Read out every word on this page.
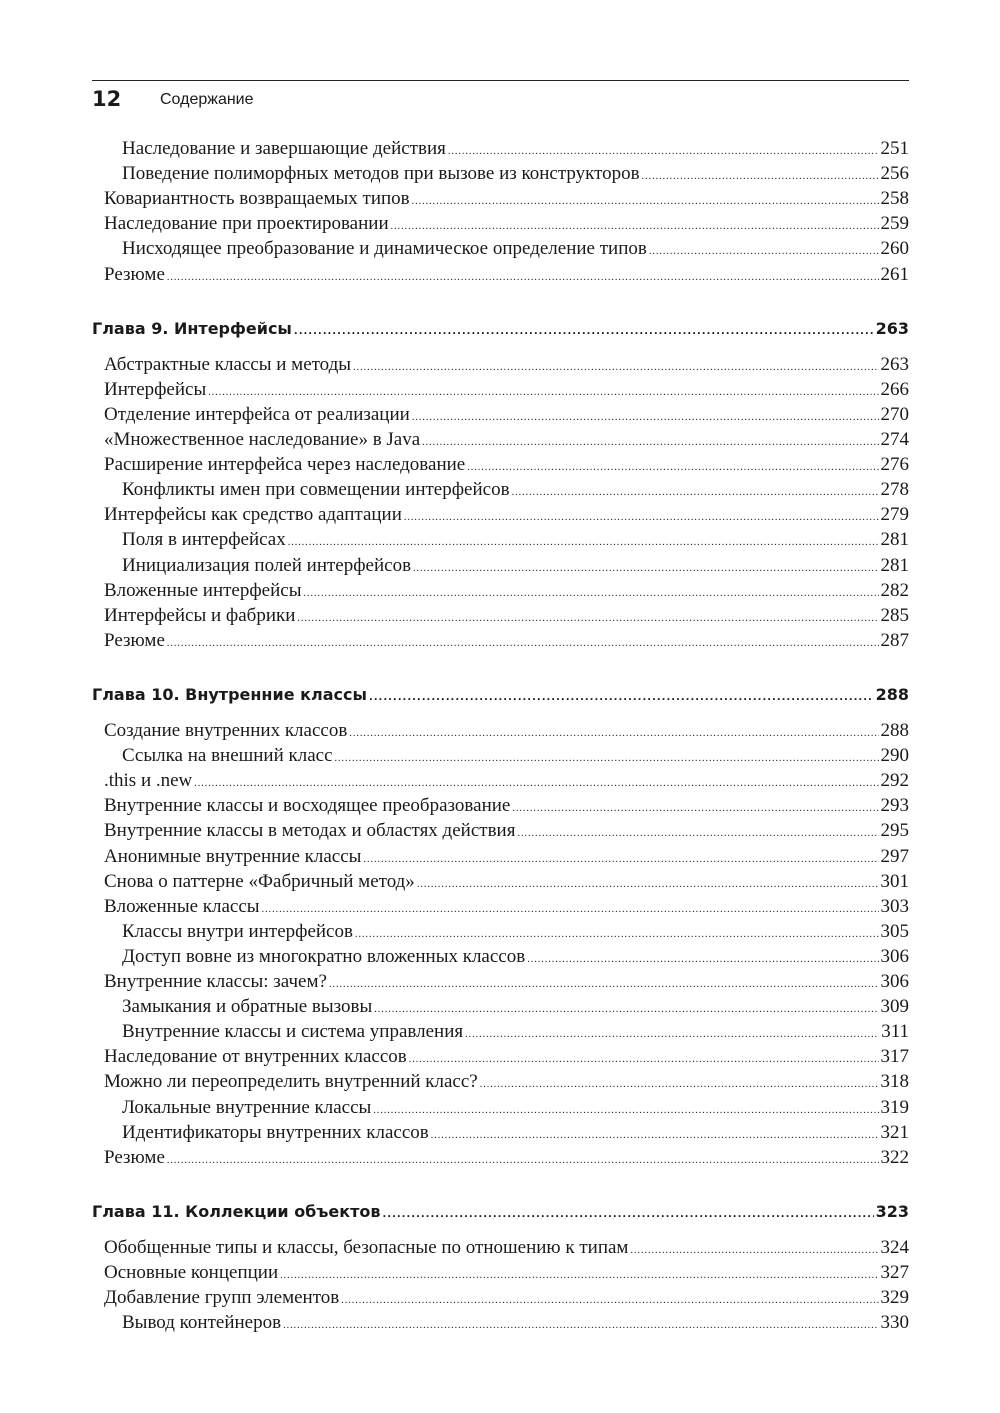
12 Содержание
Наследование и завершающие действия .....	251
Поведение полиморфных методов при вызове из конструкторов .....	256
Ковариантность возвращаемых типов .....	258
Наследование при проектировании .....	259
Нисходящее преобразование и динамическое определение типов .....	260
Резюме .....	261
Глава 9. Интерфейсы .....	263
Абстрактные классы и методы .....	263
Интерфейсы .....	266
Отделение интерфейса от реализации .....	270
«Множественное наследование» в Java .....	274
Расширение интерфейса через наследование .....	276
Конфликты имен при совмещении интерфейсов .....	278
Интерфейсы как средство адаптации .....	279
Поля в интерфейсах .....	281
Инициализация полей интерфейсов .....	281
Вложенные интерфейсы .....	282
Интерфейсы и фабрики .....	285
Резюме .....	287
Глава 10. Внутренние классы .....	288
Создание внутренних классов .....	288
Ссылка на внешний класс .....	290
.this и .new .....	292
Внутренние классы и восходящее преобразование .....	293
Внутренние классы в методах и областях действия .....	295
Анонимные внутренние классы .....	297
Снова о паттерне «Фабричный метод» .....	301
Вложенные классы .....	303
Классы внутри интерфейсов .....	305
Доступ вовне из многократно вложенных классов .....	306
Внутренние классы: зачем? .....	306
Замыкания и обратные вызовы .....	309
Внутренние классы и система управления .....	311
Наследование от внутренних классов .....	317
Можно ли переопределить внутренний класс? .....	318
Локальные внутренние классы .....	319
Идентификаторы внутренних классов .....	321
Резюме .....	322
Глава 11. Коллекции объектов .....	323
Обобщенные типы и классы, безопасные по отношению к типам .....	324
Основные концепции .....	327
Добавление групп элементов .....	329
Вывод контейнеров .....	330
